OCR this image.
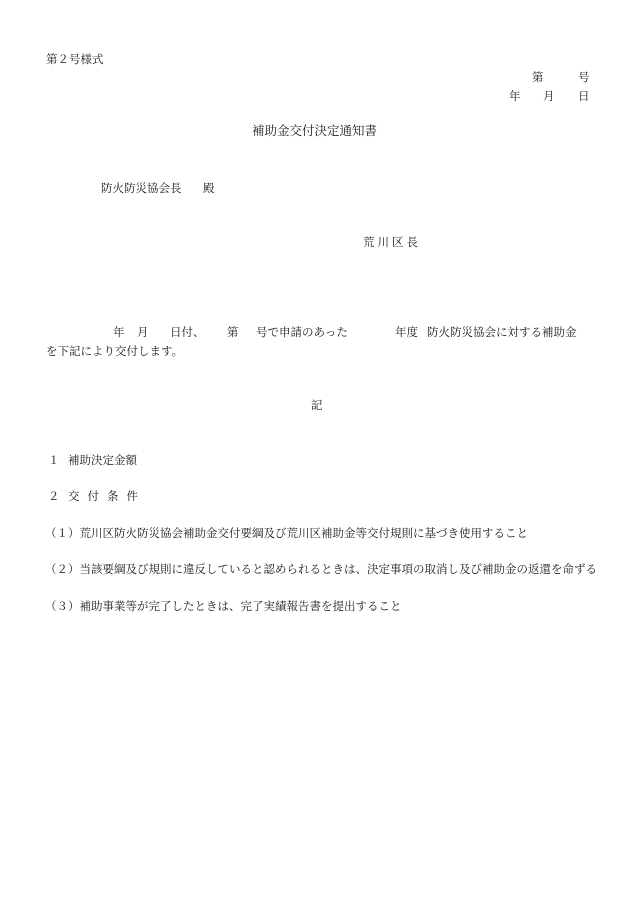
第２号様式
第	号
年 月 日
補助金交付決定通知書
防火防災協会長 殿
荒川区長
年 月 日付、 第 号で申請のあった	年度 防火防災協会に対する補助金
を下記により交付します。
記
１ 補助決定金額
２ 交付条件
（１）荒川区防火防災協会補助金交付要綱及び荒川区補助金等交付規則に基づき使用すること
（２）当該要綱及び規則に違反していると認められるときは、決定事項の取消し及び補助金の返還を命ずる
（３）補助事業等が完了したときは、完了実績報告書を提出すること
